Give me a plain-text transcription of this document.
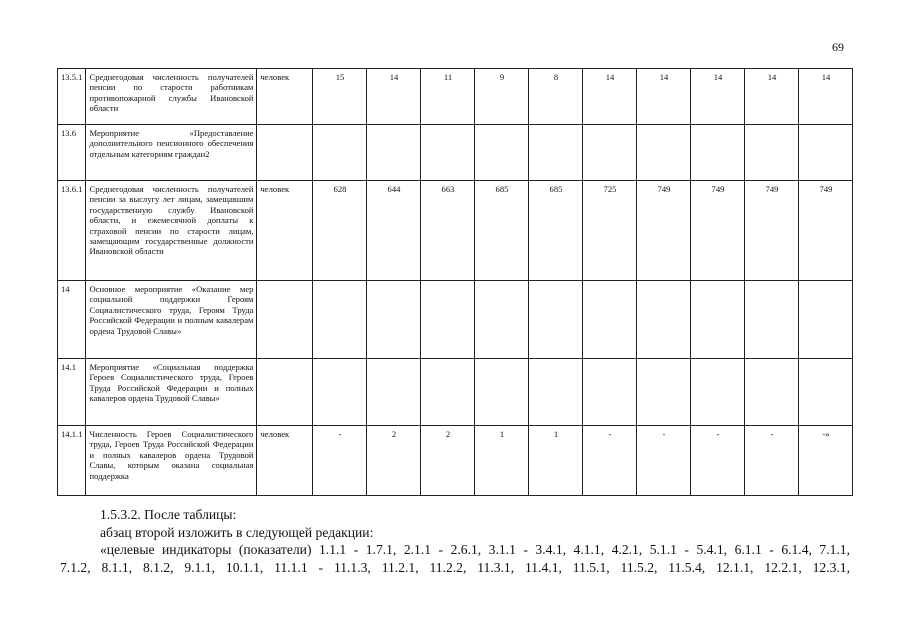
69
13.5.1	Среднегодовая численность получателей пенсии по старости работникам противопожарной службы Ивановской области	человек	15	14	11	9	8	14	14	14	14	14
13.6	Мероприятие «Предоставление дополнительного пенсионного обеспечения отдельным категориям граждан2											
13.6.1	Среднегодовая численность получателей пенсии за выслугу лет лицам, замещавшим государственную службу Ивановской области, и ежемесячной доплаты к страховой пенсии по старости лицам, замещающим государственные должности Ивановской области	человек	628	644	663	685	685	725	749	749	749	749
14	Основное мероприятие «Оказание мер социальной поддержки Героям Социалистического труда, Героям Труда Российской Федерации и полным кавалерам ордена Трудовой Славы»											
14.1	Мероприятие «Социальная поддержка Героев Социалистического труда, Героев Труда Российской Федерации и полных кавалеров ордена Трудовой Славы»											
14.1.1	Численность Героев Социалистического труда, Героев Труда Российской Федерации и полных кавалеров ордена Трудовой Славы, которым оказана социальная поддержка	человек	-	2	2	1	1	-	-	-	-	-»

1.5.3.2. После таблицы:

абзац второй изложить в следующей редакции:

«целевые индикаторы (показатели) 1.1.1 - 1.7.1, 2.1.1 - 2.6.1, 3.1.1 - 3.4.1, 4.1.1, 4.2.1, 5.1.1 - 5.4.1, 6.1.1 - 6.1.4, 7.1.1,

7.1.2, 8.1.1, 8.1.2, 9.1.1, 10.1.1, 11.1.1 - 11.1.3, 11.2.1, 11.2.2, 11.3.1, 11.4.1, 11.5.1, 11.5.2, 11.5.4, 12.1.1, 12.2.1, 12.3.1,
